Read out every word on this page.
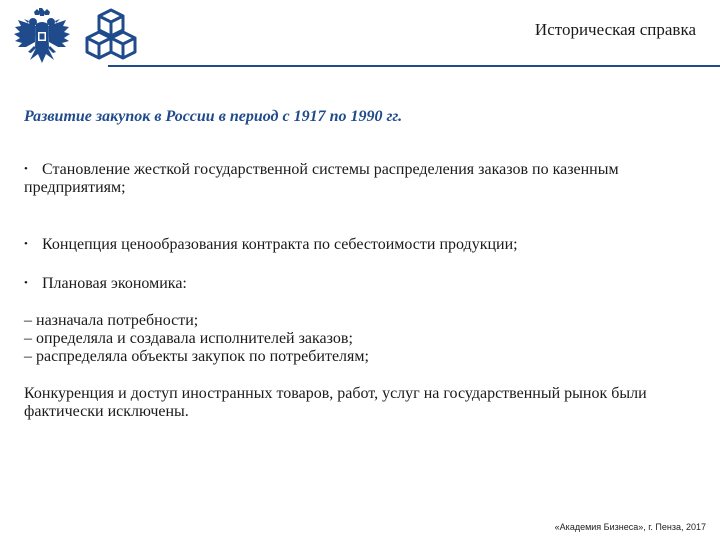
Историческая справка
Развитие закупок в России в период с 1917 по 1990 гг.

• Становление жесткой государственной системы распределения заказов по казенным предприятиям;

• Концепция ценообразования контракта по себестоимости продукции;

• Плановая экономика:

– назначала потребности;

– определяла и создавала исполнителей заказов;

– распределяла объекты закупок по потребителям;

Конкуренция и доступ иностранных товаров, работ, услуг на государственный рынок были фактически исключены.

«Академия Бизнеса», г. Пенза, 2017
